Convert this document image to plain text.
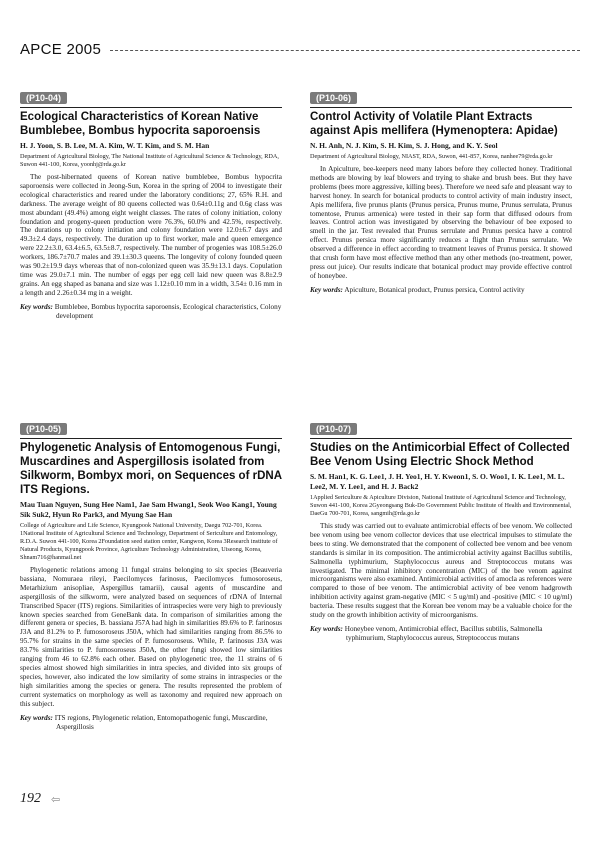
APCE 2005
(P10-04)
Ecological Characteristics of Korean Native Bumblebee, Bombus hypocrita saporoensis
H. J. Yoon, S. B. Lee, M. A. Kim, W. T. Kim, and S. M. Han
Department of Agricultural Biology, The National Institute of Agricultural Science & Technology, RDA, Suwon 441-100, Korea, yoonhj@rda.go.kr
The post-hibernated queens of Korean native bumblebee, Bombus hypocrita saporoensis were collected in Jeong-Sun, Korea in the spring of 2004 to investigate their ecological characteristics and reared under the laboratory conditions; 27, 65% R.H. and darkness. The average weight of 80 queens collected was 0.64±0.11g and 0.6g class was most abundant (49.4%) among eight weight classes. The rates of colony initiation, colony foundation and progeny-queen production were 76.3%, 60.0% and 42.5%, respectively. The durations up to colony initiation and colony foundation were 12.0±6.7 days and 49.3±2.4 days, respectively. The duration up to first worker, male and queen emergence were 22.2±3.0, 63.4±6.5, 63.5±8.7, respectively. The number of progenies was 108.5±26.0 workers, 186.7±70.7 males and 39.1±30.3 queens. The longevity of colony founded queen was 90.2±19.9 days whereas that of non-colonized queen was 35.9±13.1 days. Copulation time was 29.0±7.1 min. The number of eggs per egg cell laid new queen was 8.8±2.9 grains. An egg shaped as banana and size was 1.12±0.10 mm in a width, 3.54± 0.16 mm in a length and 2.26±0.34 mg in a weight.
Key words: Bumblebee, Bombus hypocrita saporoensis, Ecological characteristics, Colony development
(P10-06)
Control Activity of Volatile Plant Extracts against Apis mellifera (Hymenoptera: Apidae)
N. H. Anh, N. J. Kim, S. H. Kim, S. J. Hong, and K. Y. Seol
Department of Agricultural Biology, NIAST, RDA, Suwon, 441-857, Korea, nanhee79@rda.go.kr
In Apiculture, bee-keepers need many labors before they collected honey. Traditional methods are blowing by leaf blowers and trying to shake and brush bees. But they have problems (bees more aggressive, killing bees). Therefore we need safe and pleasant way to harvest honey. In search for botanical products to control activity of main industry insect, Apis mellifera, five prunus plants (Prunus persica, Prunus mume, Prunus serrulata, Prunus tomentose, Prunus armenica) were tested in their sap form that diffused odours from leaves. Control action was investigated by observing the behaviour of bee exposed to smell in the jar. Test revealed that Prunus serrulate and Prunus persica have a control effect. Prunus persica more significantly reduces a flight than Prunus serrulate. We observed a difference in effect according to treatment leaves of Prunus persica. It showed that crush form have most effective method than any other methods (no-treatment, power, press out juice). Our results indicate that botanical product may provide effective control of honeybee.
Key words: Apiculture, Botanical product, Prunus persica, Control activity
(P10-05)
Phylogenetic Analysis of Entomogenous Fungi, Muscardines and Aspergillosis isolated from Silkworm, Bombyx mori, on Sequences of rDNA ITS Regions.
Mau Tuan Nguyen, Sung Hee Nam1, Jae Sam Hwang1, Seok Woo Kang1, Young Sik Suk2, Hyun Ro Park3, and Myung Sae Han
College of Agriculture and Life Science, Kyungpook National University, Daegu 702-701, Korea. 1National Institute of Agricultural Science and Technology, Department of Sericulture and Entomology, R.D.A. Suwon 441-100, Korea 2Foundation seed station center, Kangwon, Korea 3Research institute of Natural Products, Kyungpook Province, Agriculture Technology Administration, Uiseong, Korea, Shnam716@hanmail.net
Phylogenetic relations among 11 fungal strains belonging to six species (Beauveria bassiana, Nomuraea rileyi, Paecilomyces farinosus, Paecilomyces fumosoroseus, Metarhizium anisopliae, Aspergillus tamarii), causal agents of muscardine and aspergillosis of the silkworm, were analyzed based on sequences of rDNA of Internal Transcribed Spacer (ITS) regions. Similarities of intraspecies were very high to previously known species searched from GeneBank data. In comparison of similarities among the different genera or species, B. bassiana J57A had high in similarities 89.6% to P. farinosus J3A and 81.2% to P. fumosoroseus J50A, which had similarities ranging from 86.5% to 95.7% for strains in the same species of P. fumosoroseus. While, P. farinosus J3A was 83.7% similarities to P. fumosoroseus J50A, the other fungi showed low similarities ranging from 46 to 62.8% each other. Based on phylogenetic tree, the 11 strains of 6 species almost showed high similarities in intra species, and divided into six groups of species, however, also indicated the low similarity of some strains in intraspecies or the high similarities among the species or genera. The results represented the problem of current systematics on morphology as well as taxonomy and required new approach on this subject.
Key words: ITS regions, Phylogenetic relation, Entomopathogenic fungi, Muscardine, Aspergillosis
(P10-07)
Studies on the Antimicorbial Effect of Collected Bee Venom Using Electric Shock Method
S. M. Han1, K. G. Lee1, J. H. Yeo1, H. Y. Kweon1, S. O. Woo1, I. K. Lee1, M. L. Lee2, M. Y. Lee1, and H. J. Back2
1Applied Sericulture & Apiculture Division, National Institute of Agricultural Science and Technology, Suwon 441-100, Korea 2Gyeongsang Buk-Do Government Public Institute of Health and Environmental, DaeGu 700-701, Korea, sangmih@rda.go.kr
This study was carried out to evaluate antimicrobial effects of bee venom. We collected bee venom using bee venom collector devices that use electrical impulses to stimulate the bees to sting. We demonstrated that the component of collected bee venom and bee venom standards is similar in its composition. The antimicrobial activity against Bacillus subtilis, Salmonella typhimurium, Staphylococcus aureus and Streptococcus mutans was investigated. The minimal inhibitory concentration (MIC) of the bee venom against microorganisms were also examined. Antimicrobial activities of amocla as references were compared to those of bee venom. The antimicrobial activity of bee venom hadgrowth inhibition activity against gram-negative (MIC < 5 ug/ml) and -positive (MIC < 10 ug/ml) bacteria. These results suggest that the Korean bee venom may be a valuable choice for the study on the growth inhibition activity of microorganisms.
Key words: Honeybee venom, Antimicrobial effect, Bacillus subtilis, Salmonella typhimurium, Staphylococcus aureus, Streptococcus mutans
192 ⇦
